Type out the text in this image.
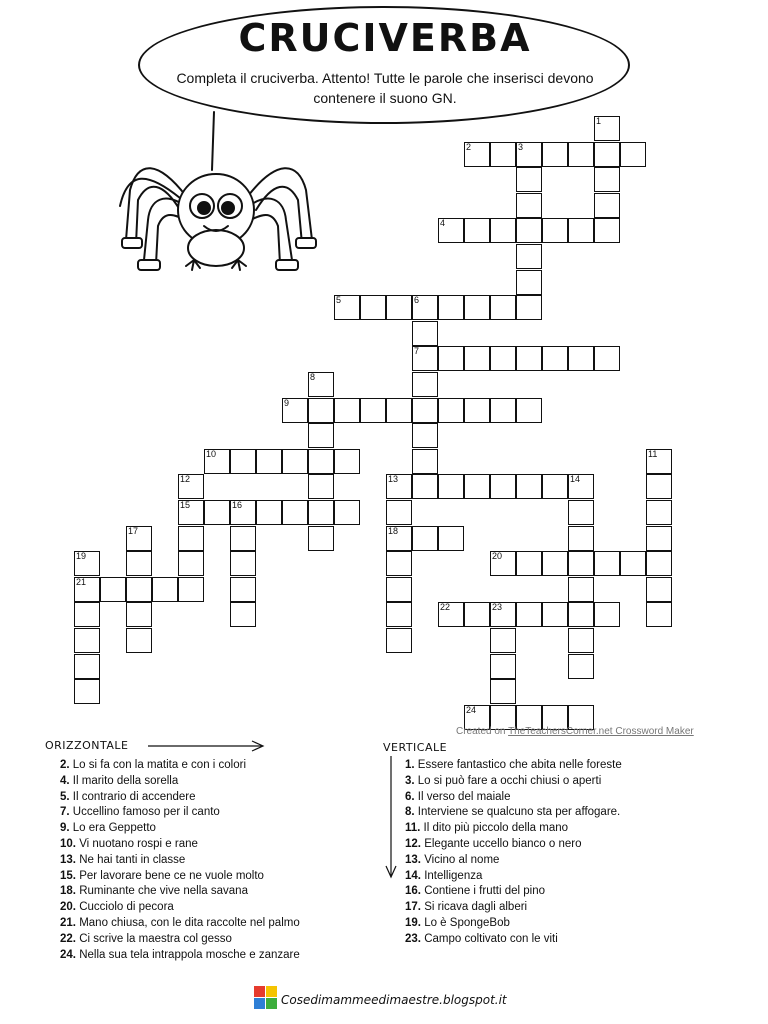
CRUCIVERBA
Completa il cruciverba. Attento! Tutte le parole che inserisci devono contenere il suono GN.
1
2	3
4
5	6
7
8
9
10	11
12
15
13	14
18
16
17
19
21
20
22	23
24
Created on TheTeachersCorner.net Crossword Maker
ORIZZONTALE
2. Lo si fa con la matita e con i colori
4. Il marito della sorella
5. Il contrario di accendere
7. Uccellino famoso per il canto
9. Lo era Geppetto
10. Vi nuotano rospi e rane
13. Ne hai tanti in classe
15. Per lavorare bene ce ne vuole molto
18. Ruminante che vive nella savana
20. Cucciolo di pecora
21. Mano chiusa, con le dita raccolte nel palmo
22. Ci scrive la maestra col gesso
24. Nella sua tela intrappola mosche e zanzare
VERTICALE
1. Essere fantastico che abita nelle foreste
3. Lo si può fare a occhi chiusi o aperti
6. Il verso del maiale
8. Interviene se qualcuno sta per affogare.
11. Il dito più piccolo della mano
12. Elegante uccello bianco o nero
13. Vicino al nome
14. Intelligenza
16. Contiene i frutti del pino
17. Si ricava dagli alberi
19. Lo è SpongeBob
23. Campo coltivato con le viti
Cosedimammeedimaestre.blogspot.it
